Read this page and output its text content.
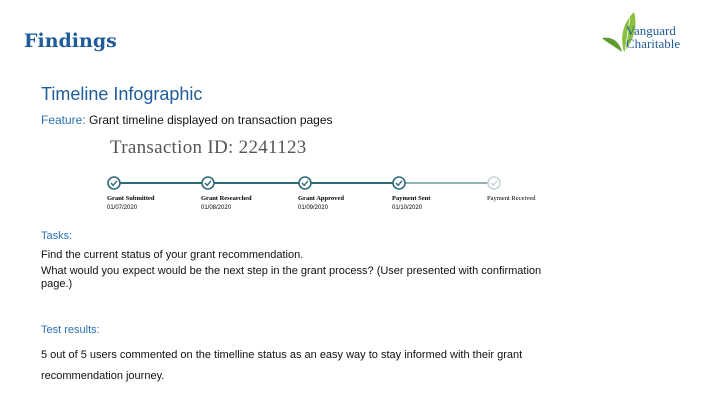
Findings	Vanguard
Charitable
Timeline Infographic
Feature: Grant timeline displayed on transaction pages
Transaction ID: 2241123
Grant Submitted
01/07/2020
Grant Researched
01/08/2020
Grant Approved
01/09/2020
Payment Sent
01/10/2020
Payment Received
Tasks:
Find the current status of your grant recommendation.
What would you expect would be the next step in the grant process? (User presented with confirmation page.)
Test results:
5 out of 5 users commented on the timelline status as an easy way to stay informed with their grant recommendation journey.
